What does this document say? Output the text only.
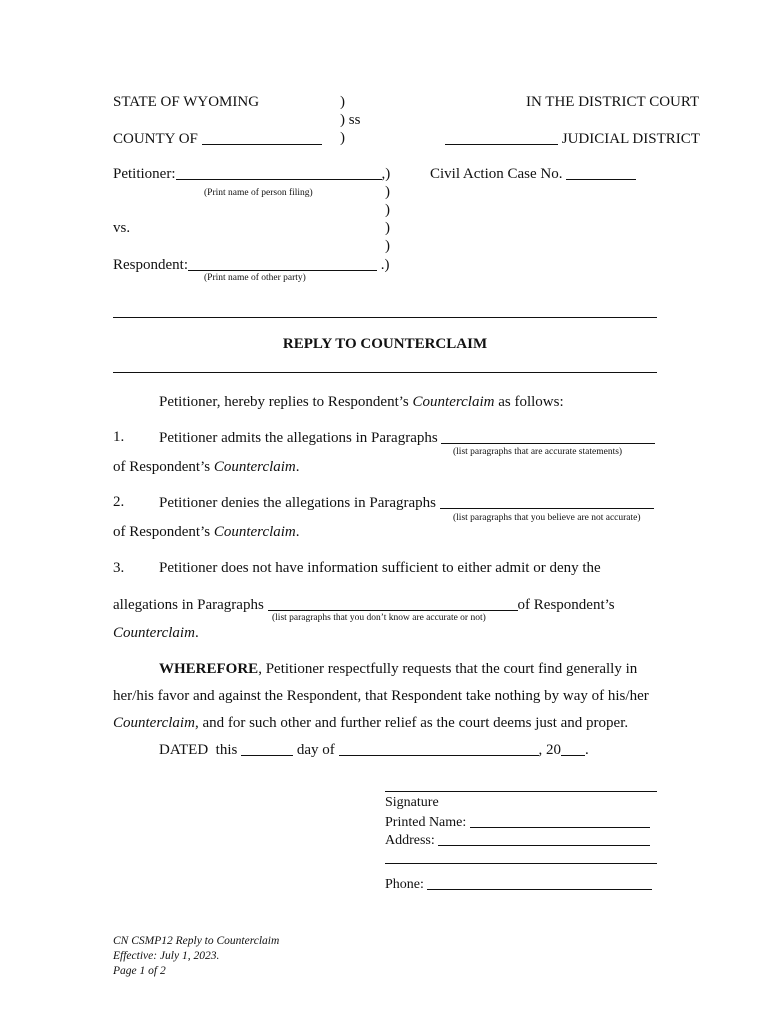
STATE OF WYOMING	)	IN THE DISTRICT COURT
) ss
COUNTY OF	)	JUDICIAL DISTRICT
Petitioner:	,)
(Print name of person filing)
Civil Action Case No.
)
)
vs.	)
)
Respondent:	.)
(Print name of other party)
REPLY TO COUNTERCLAIM
Petitioner, hereby replies to Respondent’s Counterclaim as follows:
1. Petitioner admits the allegations in Paragraphs
(list paragraphs that are accurate statements)
of Respondent’s Counterclaim.
2. Petitioner denies the allegations in Paragraphs
(list paragraphs that you believe are not accurate)
of Respondent’s Counterclaim.
3. Petitioner does not have information sufficient to either admit or deny the
allegations in Paragraphs	of Respondent’s
(list paragraphs that you don’t know are accurate or not)
Counterclaim.
WHEREFORE, Petitioner respectfully requests that the court find generally in
her/his favor and against the Respondent, that Respondent take nothing by way of his/her
Counterclaim, and for such other and further relief as the court deems just and proper.
DATED this	day of	, 20 .
Signature
Printed Name:
Address:
Phone:
CN CSMP12 Reply to Counterclaim
Effective: July 1, 2023.
Page 1 of 2
